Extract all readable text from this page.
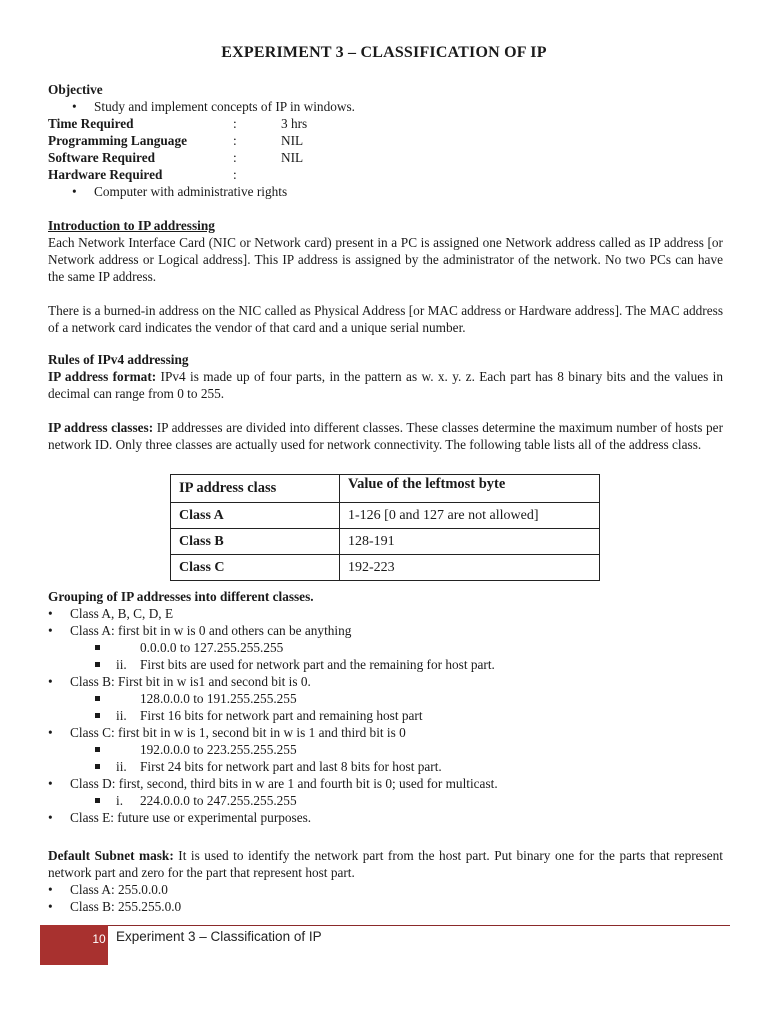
EXPERIMENT 3 – CLASSIFICATION OF IP
Objective
• Study and implement concepts of IP in windows.
Time Required	:	3 hrs
Programming Language	:	NIL
Software Required	:	NIL
Hardware Required	:
• Computer with administrative rights
Introduction to IP addressing
Each Network Interface Card (NIC or Network card) present in a PC is assigned one Network address called as IP address [or Network address or Logical address]. This IP address is assigned by the administrator of the network. No two PCs can have the same IP address.
There is a burned-in address on the NIC called as Physical Address [or MAC address or Hardware address]. The MAC address of a network card indicates the vendor of that card and a unique serial number.
Rules of IPv4 addressing
IP address format: IPv4 is made up of four parts, in the pattern as w. x. y. z. Each part has 8 binary bits and the values in decimal can range from 0 to 255.
IP address classes: IP addresses are divided into different classes. These classes determine the maximum number of hosts per network ID. Only three classes are actually used for network connectivity. The following table lists all of the address class.
IP address class	Value of the leftmost byte
Class A	1-126 [0 and 127 are not allowed]
Class B	128-191
Class C	192-223
Grouping of IP addresses into different classes.
• Class A, B, C, D, E
• Class A: first bit in w is 0 and others can be anything
0.0.0.0 to 127.255.255.255
ii. First bits are used for network part and the remaining for host part.
• Class B: First bit in w is1 and second bit is 0.
128.0.0.0 to 191.255.255.255
ii. First 16 bits for network part and remaining host part
• Class C: first bit in w is 1, second bit in w is 1 and third bit is 0
192.0.0.0 to 223.255.255.255
ii. First 24 bits for network part and last 8 bits for host part.
• Class D: first, second, third bits in w are 1 and fourth bit is 0; used for multicast.
i. 224.0.0.0 to 247.255.255.255
• Class E: future use or experimental purposes.
Default Subnet mask: It is used to identify the network part from the host part. Put binary one for the parts that represent network part and zero for the part that represent host part.
• Class A: 255.0.0.0
• Class B: 255.255.0.0
10 Experiment 3 – Classification of IP
